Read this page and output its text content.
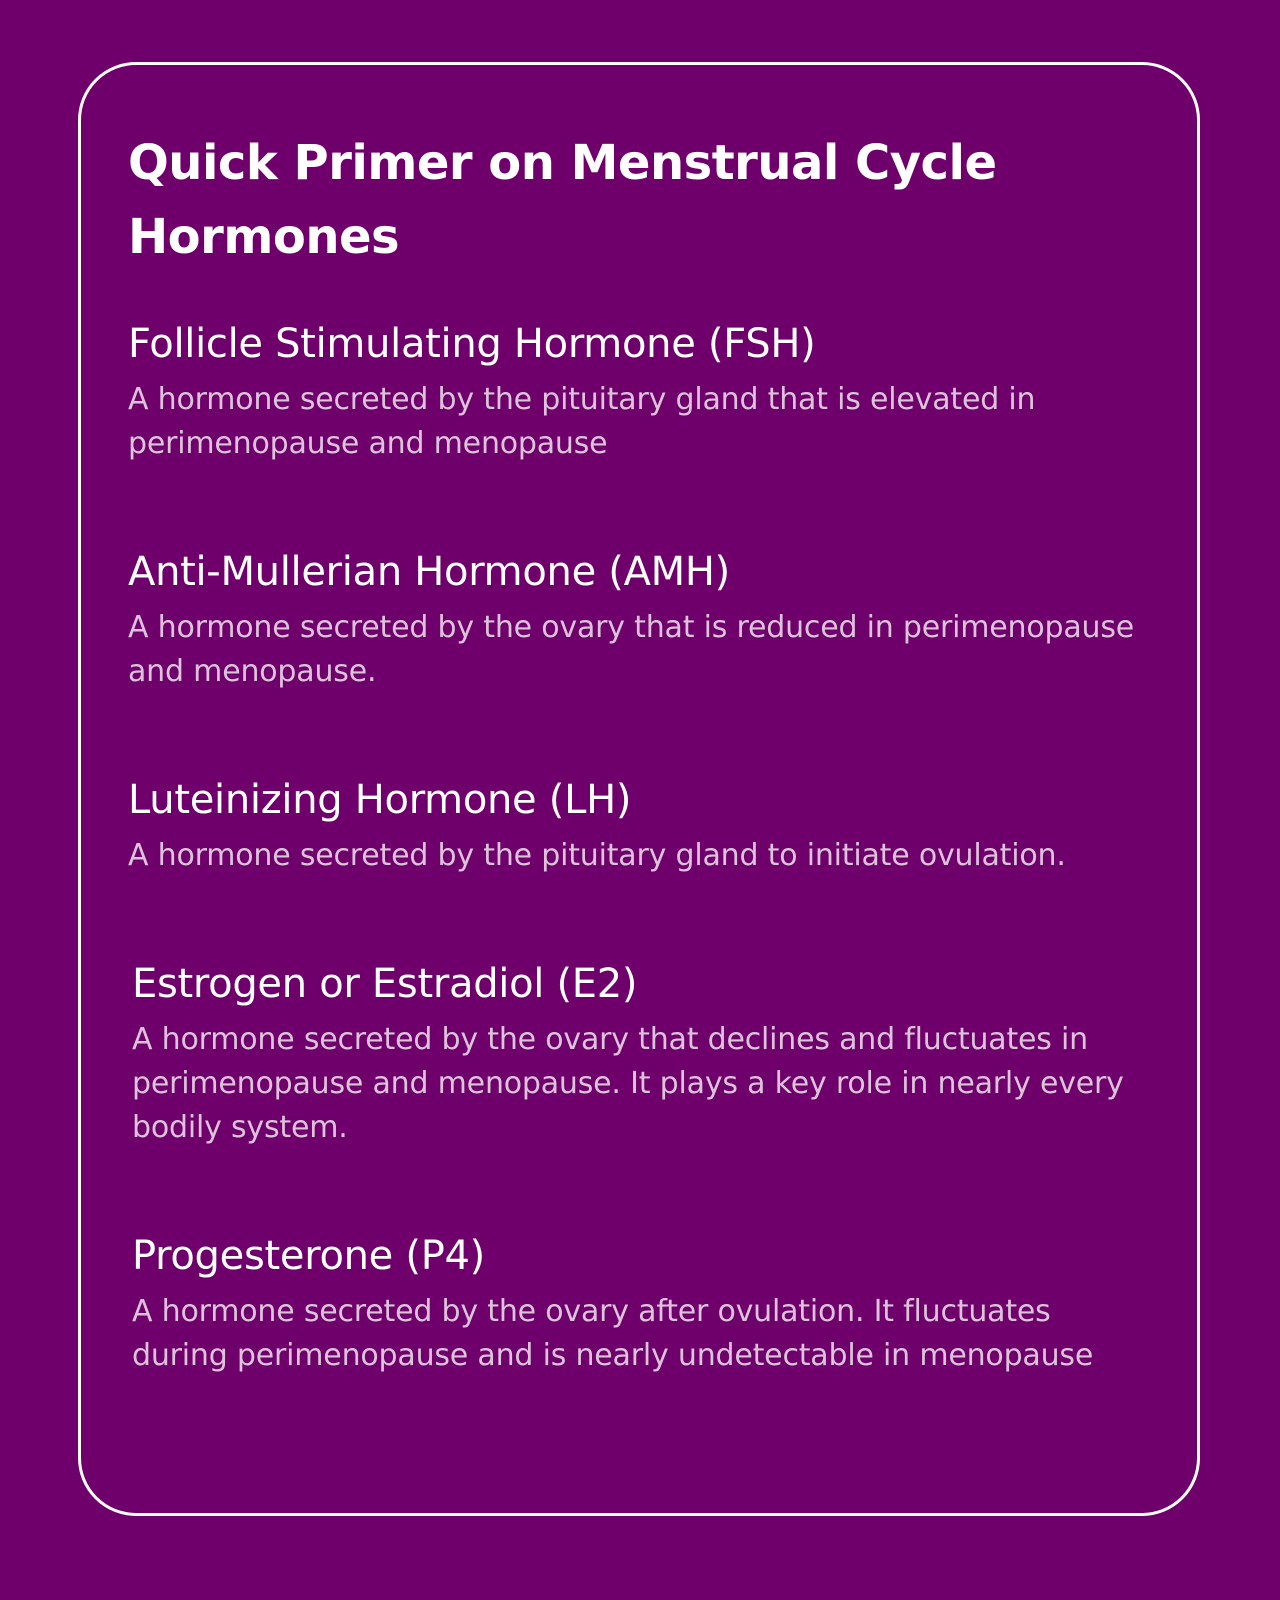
Quick Primer on Menstrual Cycle Hormones
Follicle Stimulating Hormone (FSH)

A hormone secreted by the pituitary gland that is elevated in perimenopause and menopause

Anti-Mullerian Hormone (AMH)

A hormone secreted by the ovary that is reduced in perimenopause and menopause.

Luteinizing Hormone (LH)

A hormone secreted by the pituitary gland to initiate ovulation.

Estrogen or Estradiol (E2)

A hormone secreted by the ovary that declines and fluctuates in perimenopause and menopause. It plays a key role in nearly every bodily system.

Progesterone (P4)

A hormone secreted by the ovary after ovulation. It fluctuates during perimenopause and is nearly undetectable in menopause
